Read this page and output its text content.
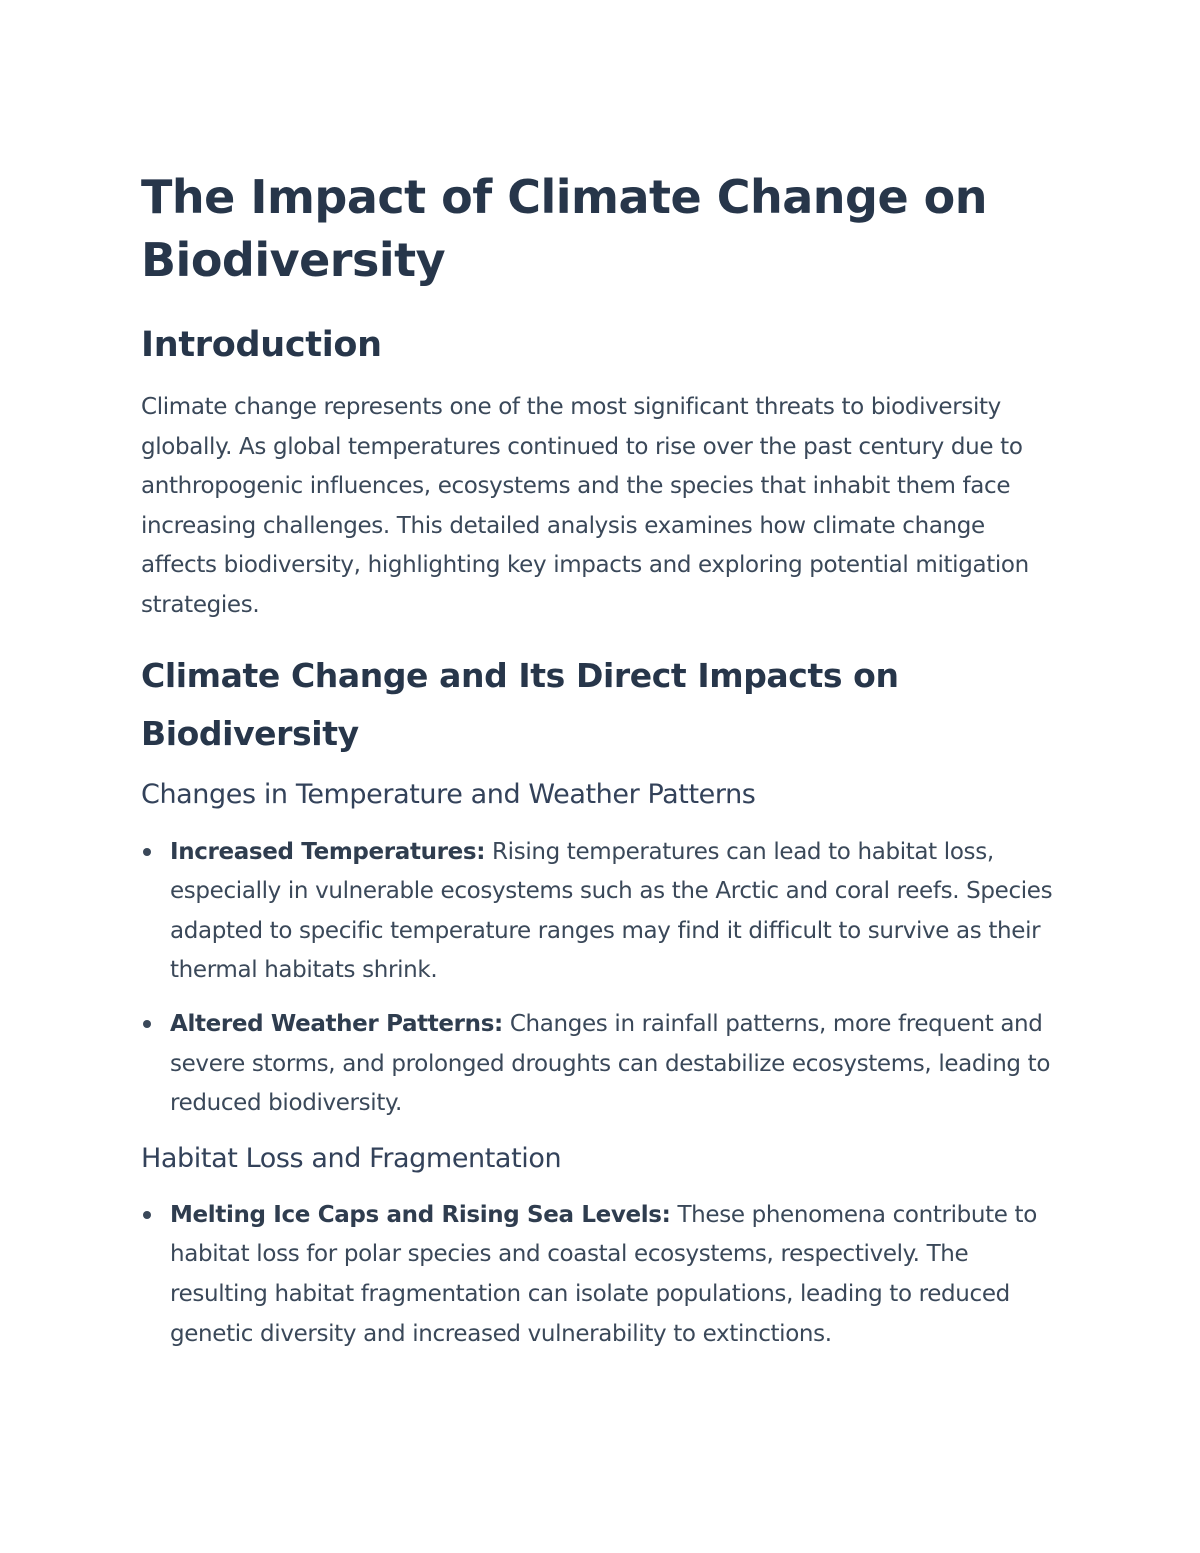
The Impact of Climate Change on Biodiversity
Introduction

Climate change represents one of the most significant threats to biodiversity globally. As global temperatures continued to rise over the past century due to anthropogenic influences, ecosystems and the species that inhabit them face increasing challenges. This detailed analysis examines how climate change affects biodiversity, highlighting key impacts and exploring potential mitigation strategies.

Climate Change and Its Direct Impacts on Biodiversity
Changes in Temperature and Weather Patterns
Increased Temperatures: Rising temperatures can lead to habitat loss, especially in vulnerable ecosystems such as the Arctic and coral reefs. Species adapted to specific temperature ranges may find it difficult to survive as their thermal habitats shrink.
Altered Weather Patterns: Changes in rainfall patterns, more frequent and severe storms, and prolonged droughts can destabilize ecosystems, leading to reduced biodiversity.
Habitat Loss and Fragmentation
Melting Ice Caps and Rising Sea Levels: These phenomena contribute to habitat loss for polar species and coastal ecosystems, respectively. The resulting habitat fragmentation can isolate populations, leading to reduced genetic diversity and increased vulnerability to extinctions.
